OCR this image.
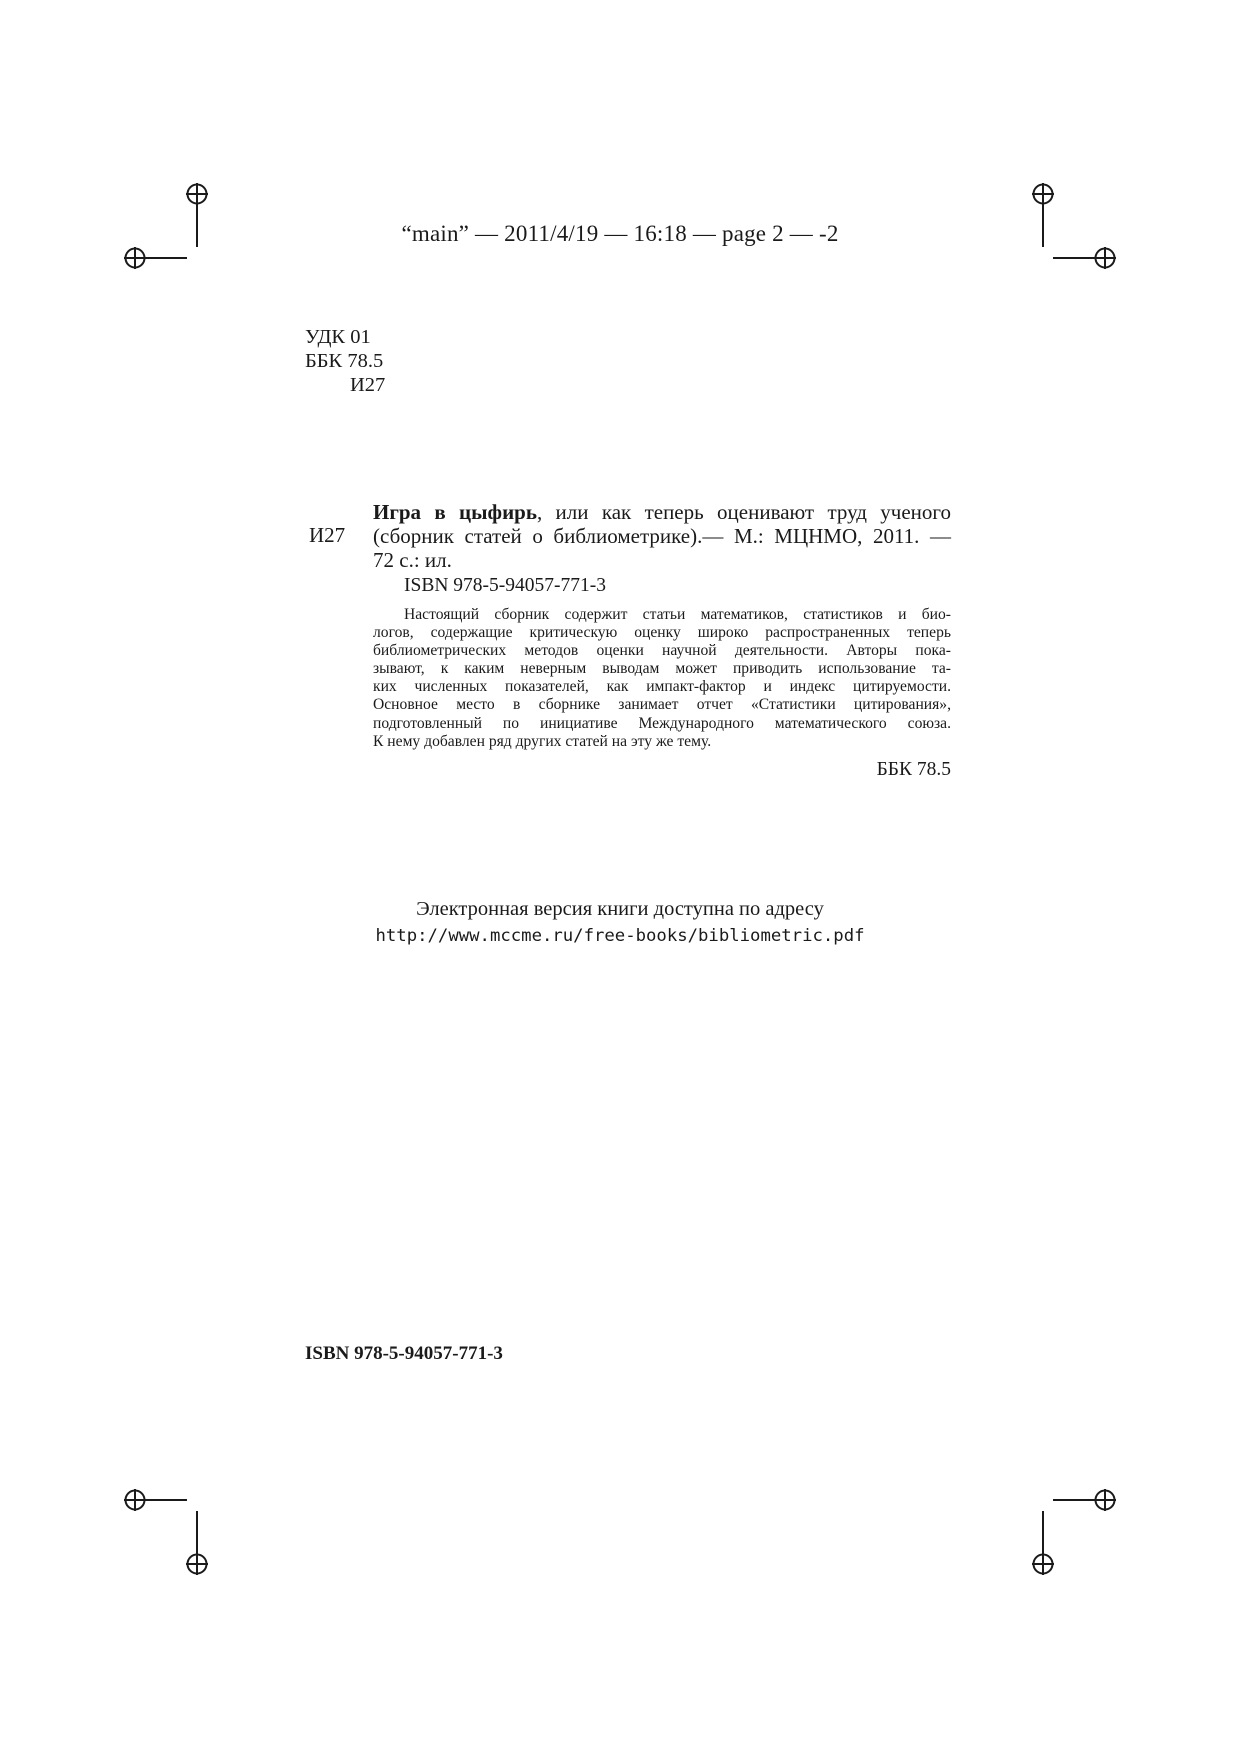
“main” — 2011/4/19 — 16:18 — page 2 — -2
УДК 01
ББК 78.5
И27
И27
Игра в цыфирь, или как теперь оценивают труд ученого
(сборник статей о библиометрике).— М.: МЦНМО, 2011. —
72 с.: ил.
ISBN 978-5-94057-771-3
Настоящий сборник содержит статьи математиков, статистиков и био-
логов, содержащие критическую оценку широко распространенных теперь
библиометрических методов оценки научной деятельности. Авторы пока-
зывают, к каким неверным выводам может приводить использование та-
ких численных показателей, как импакт-фактор и индекс цитируемости.
Основное место в сборнике занимает отчет «Статистики цитирования»,
подготовленный по инициативе Международного математического союза.
К нему добавлен ряд других статей на эту же тему.
ББК 78.5
Электронная версия книги доступна по адресу
http://www.mccme.ru/free-books/bibliometric.pdf
ISBN 978-5-94057-771-3
